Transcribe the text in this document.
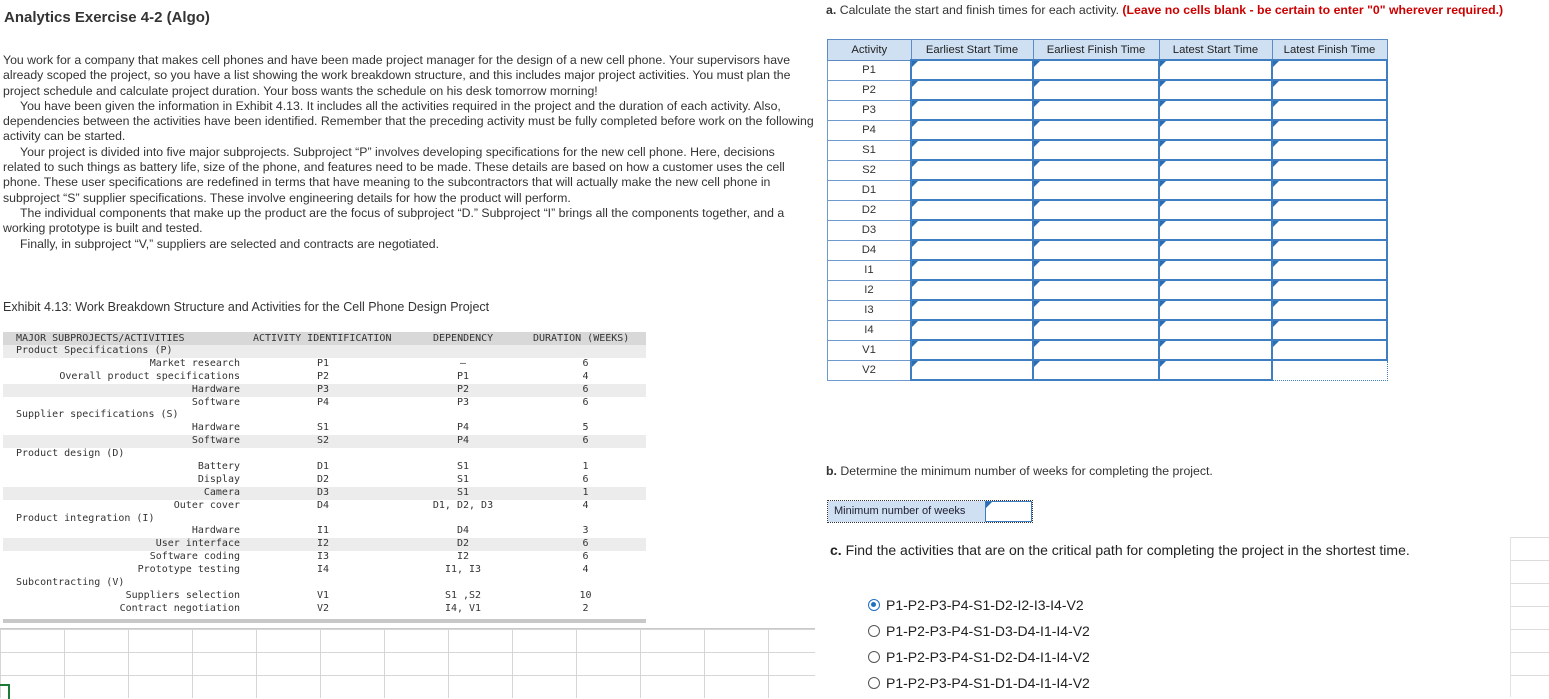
Analytics Exercise 4-2 (Algo)

You work for a company that makes cell phones and have been made project manager for the design of a new cell phone. Your supervisors have already scoped the project, so you have a list showing the work breakdown structure, and this includes major project activities. You must plan the project schedule and calculate project duration. Your boss wants the schedule on his desk tomorrow morning!

You have been given the information in Exhibit 4.13. It includes all the activities required in the project and the duration of each activity. Also, dependencies between the activities have been identified. Remember that the preceding activity must be fully completed before work on the following activity can be started.

Your project is divided into five major subprojects. Subproject “P” involves developing specifications for the new cell phone. Here, decisions related to such things as battery life, size of the phone, and features need to be made. These details are based on how a customer uses the cell phone. These user specifications are redefined in terms that have meaning to the subcontractors that will actually make the new cell phone in subproject “S” supplier specifications. These involve engineering details for how the product will perform.

The individual components that make up the product are the focus of subproject “D.” Subproject “I” brings all the components together, and a working prototype is built and tested.

Finally, in subproject “V,” suppliers are selected and contracts are negotiated.

Exhibit 4.13: Work Breakdown Structure and Activities for the Cell Phone Design Project
MAJOR SUBPROJECTS/ACTIVITIES	ACTIVITY IDENTIFICATION	DEPENDENCY	DURATION (WEEKS)
Product Specifications (P)
Market research	P1	—	6
Overall product specifications	P2	P1	4
Hardware	P3	P2	6
Software	P4	P3	6
Supplier specifications (S)
Hardware	S1	P4	5
Software	S2	P4	6
Product design (D)
Battery	D1	S1	1
Display	D2	S1	6
Camera	D3	S1	1
Outer cover	D4	D1, D2, D3	4
Product integration (I)
Hardware	I1	D4	3
User interface	I2	D2	6
Software coding	I3	I2	6
Prototype testing	I4	I1, I3	4
Subcontracting (V)
Suppliers selection	V1	S1 ,S2	10
Contract negotiation	V2	I4, V1	2
a. Calculate the start and finish times for each activity. (Leave no cells blank - be certain to enter "0" wherever required.)
Activity	Earliest Start Time	Earliest Finish Time	Latest Start Time	Latest Finish Time
P1				
P2				
P3				
P4				
S1				
S2				
D1				
D2				
D3				
D4				
I1				
I2				
I3				
I4				
V1				
V2				
b. Determine the minimum number of weeks for completing the project.
Minimum number of weeks
c. Find the activities that are on the critical path for completing the project in the shortest time.
P1-P2-P3-P4-S1-D2-I2-I3-I4-V2
P1-P2-P3-P4-S1-D3-D4-I1-I4-V2
P1-P2-P3-P4-S1-D2-D4-I1-I4-V2
P1-P2-P3-P4-S1-D1-D4-I1-I4-V2
